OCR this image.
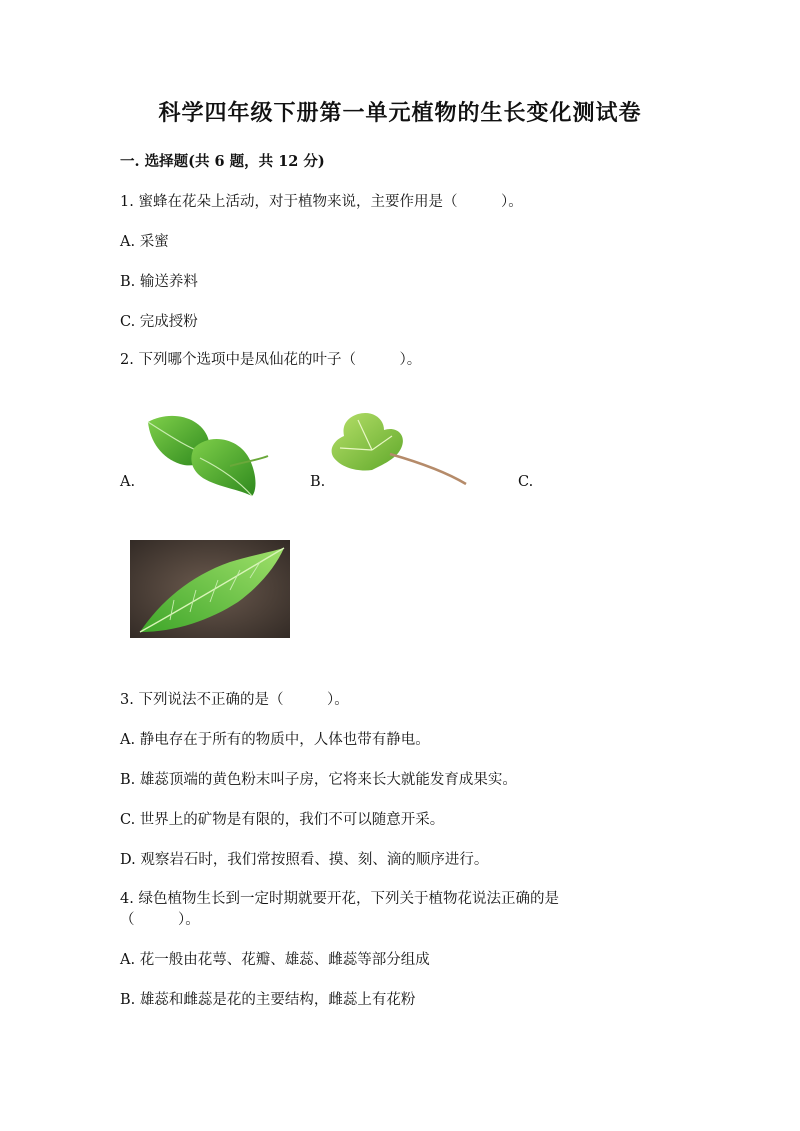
科学四年级下册第一单元植物的生长变化测试卷
一. 选择题(共 6 题，共 12 分)
1. 蜜蜂在花朵上活动，对于植物来说，主要作用是（　　　）。
A. 采蜜
B. 输送养料
C. 完成授粉
2. 下列哪个选项中是凤仙花的叶子（　　　）。
A.	B.	C.
3. 下列说法不正确的是（　　　）。
A. 静电存在于所有的物质中，人体也带有静电。
B. 雄蕊顶端的黄色粉末叫子房，它将来长大就能发育成果实。
C. 世界上的矿物是有限的，我们不可以随意开采。
D. 观察岩石时，我们常按照看、摸、刻、滴的顺序进行。
4. 绿色植物生长到一定时期就要开花，下列关于植物花说法正确的是
（　　　）。
A. 花一般由花萼、花瓣、雄蕊、雌蕊等部分组成
B. 雄蕊和雌蕊是花的主要结构，雌蕊上有花粉
